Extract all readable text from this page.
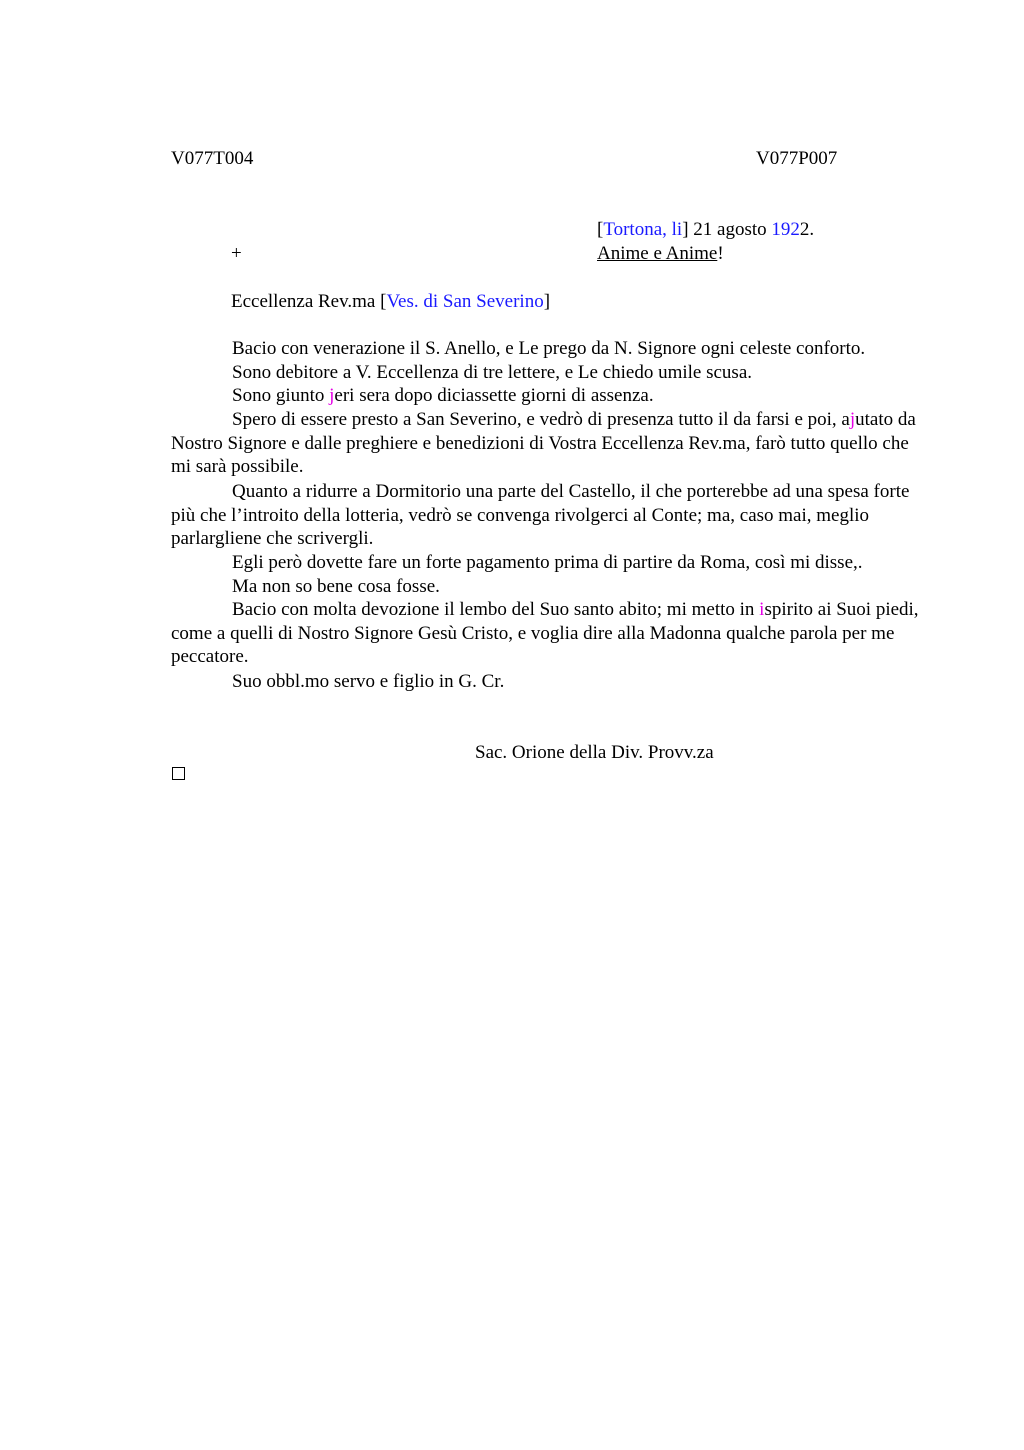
V077T004	V077P007
[Tortona, li] 21 agosto 1922.
+	Anime e Anime!
Eccellenza Rev.ma [Ves. di San Severino]
Bacio con venerazione il S. Anello, e Le prego da N. Signore ogni celeste conforto.
Sono debitore a V. Eccellenza di tre lettere, e Le chiedo umile scusa.
Sono giunto jeri sera dopo diciassette giorni di assenza.
Spero di essere presto a San Severino, e vedrò di presenza tutto il da farsi e poi, ajutato da Nostro Signore e dalle preghiere e benedizioni di Vostra Eccellenza Rev.ma, farò tutto quello che mi sarà possibile.
Quanto a ridurre a Dormitorio una parte del Castello, il che porterebbe ad una spesa forte più che l’introito della lotteria, vedrò se convenga rivolgerci al Conte; ma, caso mai, meglio parlargliene che scrivergli.
Egli però dovette fare un forte pagamento prima di partire da Roma, così mi disse,.
Ma non so bene cosa fosse.
Bacio con molta devozione il lembo del Suo santo abito; mi metto in ispirito ai Suoi piedi, come a quelli di Nostro Signore Gesù Cristo, e voglia dire alla Madonna qualche parola per me peccatore.
Suo obbl.mo servo e figlio in G. Cr.
Sac. Orione della Div. Provv.za
